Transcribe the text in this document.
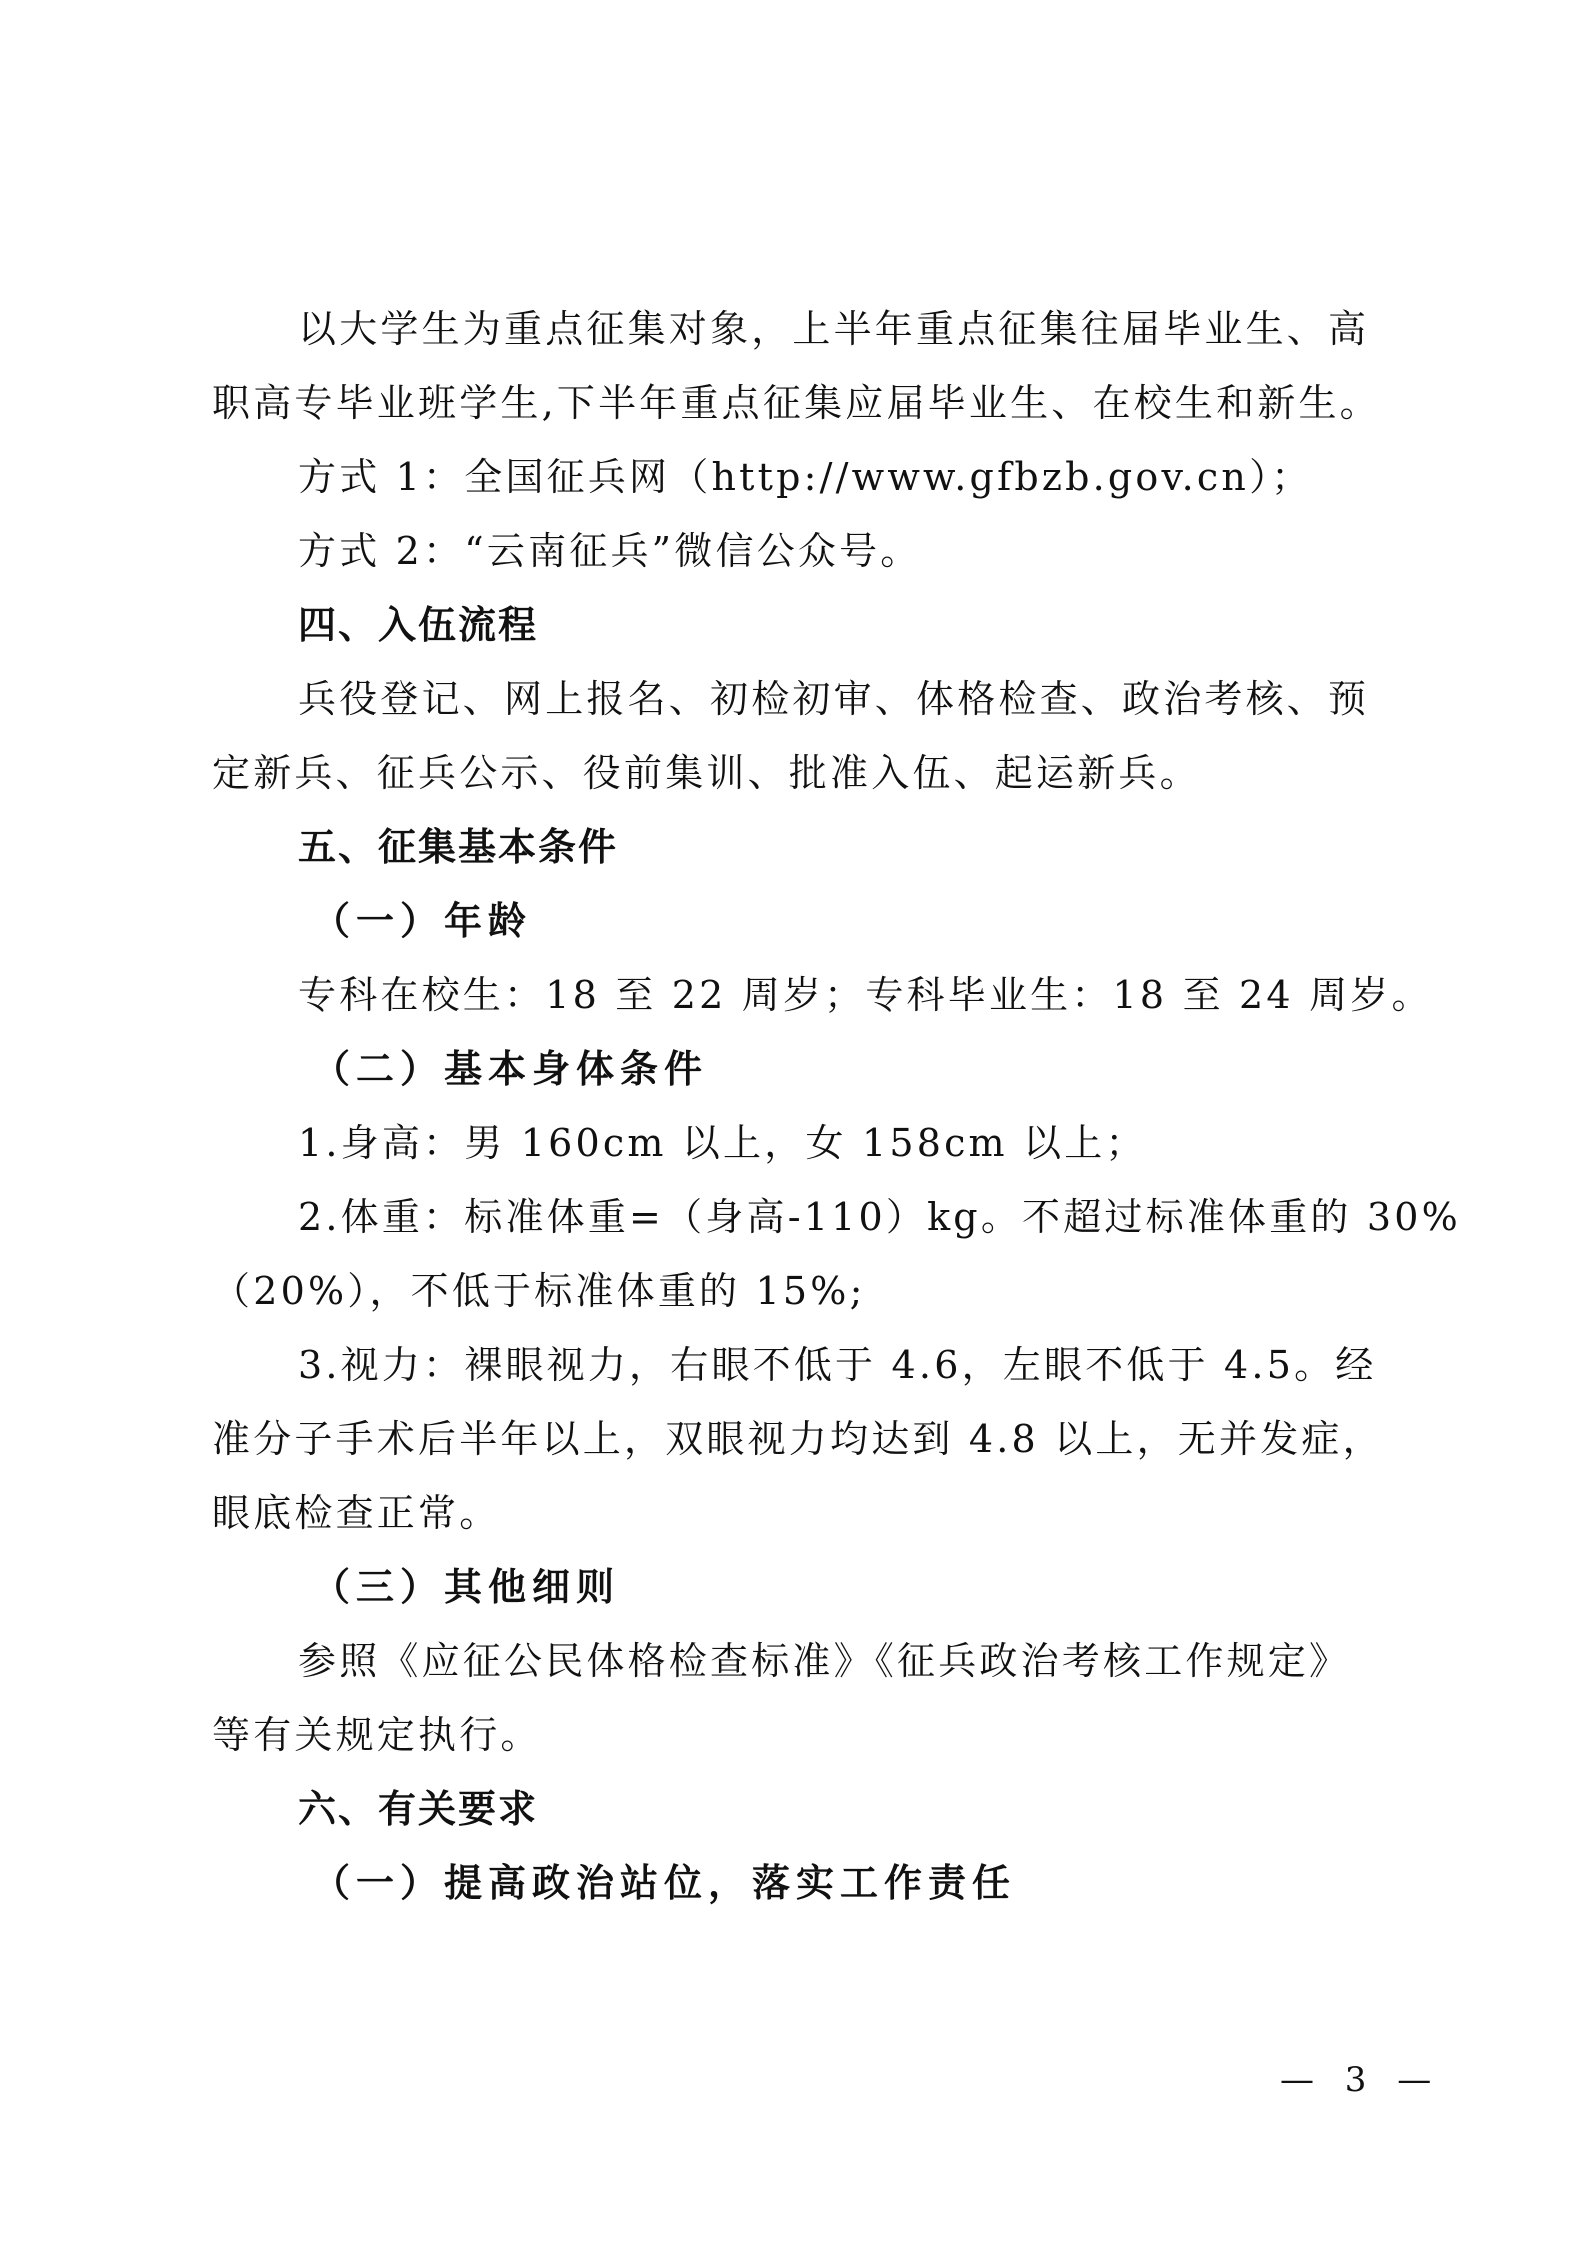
以大学生为重点征集对象，上半年重点征集往届毕业生、高
职高专毕业班学生,下半年重点征集应届毕业生、在校生和新生。
方式 1：全国征兵网（http://www.gfbzb.gov.cn）；
方式 2：“云南征兵”微信公众号。
四、入伍流程
兵役登记、网上报名、初检初审、体格检查、政治考核、预
定新兵、征兵公示、役前集训、批准入伍、起运新兵。
五、征集基本条件
（一）年龄
专科在校生：18 至 22 周岁；专科毕业生：18 至 24 周岁。
（二）基本身体条件
1.身高：男 160cm 以上，女 158cm 以上；
2.体重：标准体重=（身高-110）kg。不超过标准体重的 30%
（20%），不低于标准体重的 15%;
3.视力：裸眼视力，右眼不低于 4.6，左眼不低于 4.5。经
准分子手术后半年以上，双眼视力均达到 4.8 以上，无并发症，
眼底检查正常。
（三）其他细则
参照《应征公民体格检查标准》《征兵政治考核工作规定》
等有关规定执行。
六、有关要求
（一）提高政治站位，落实工作责任
— 3 —
